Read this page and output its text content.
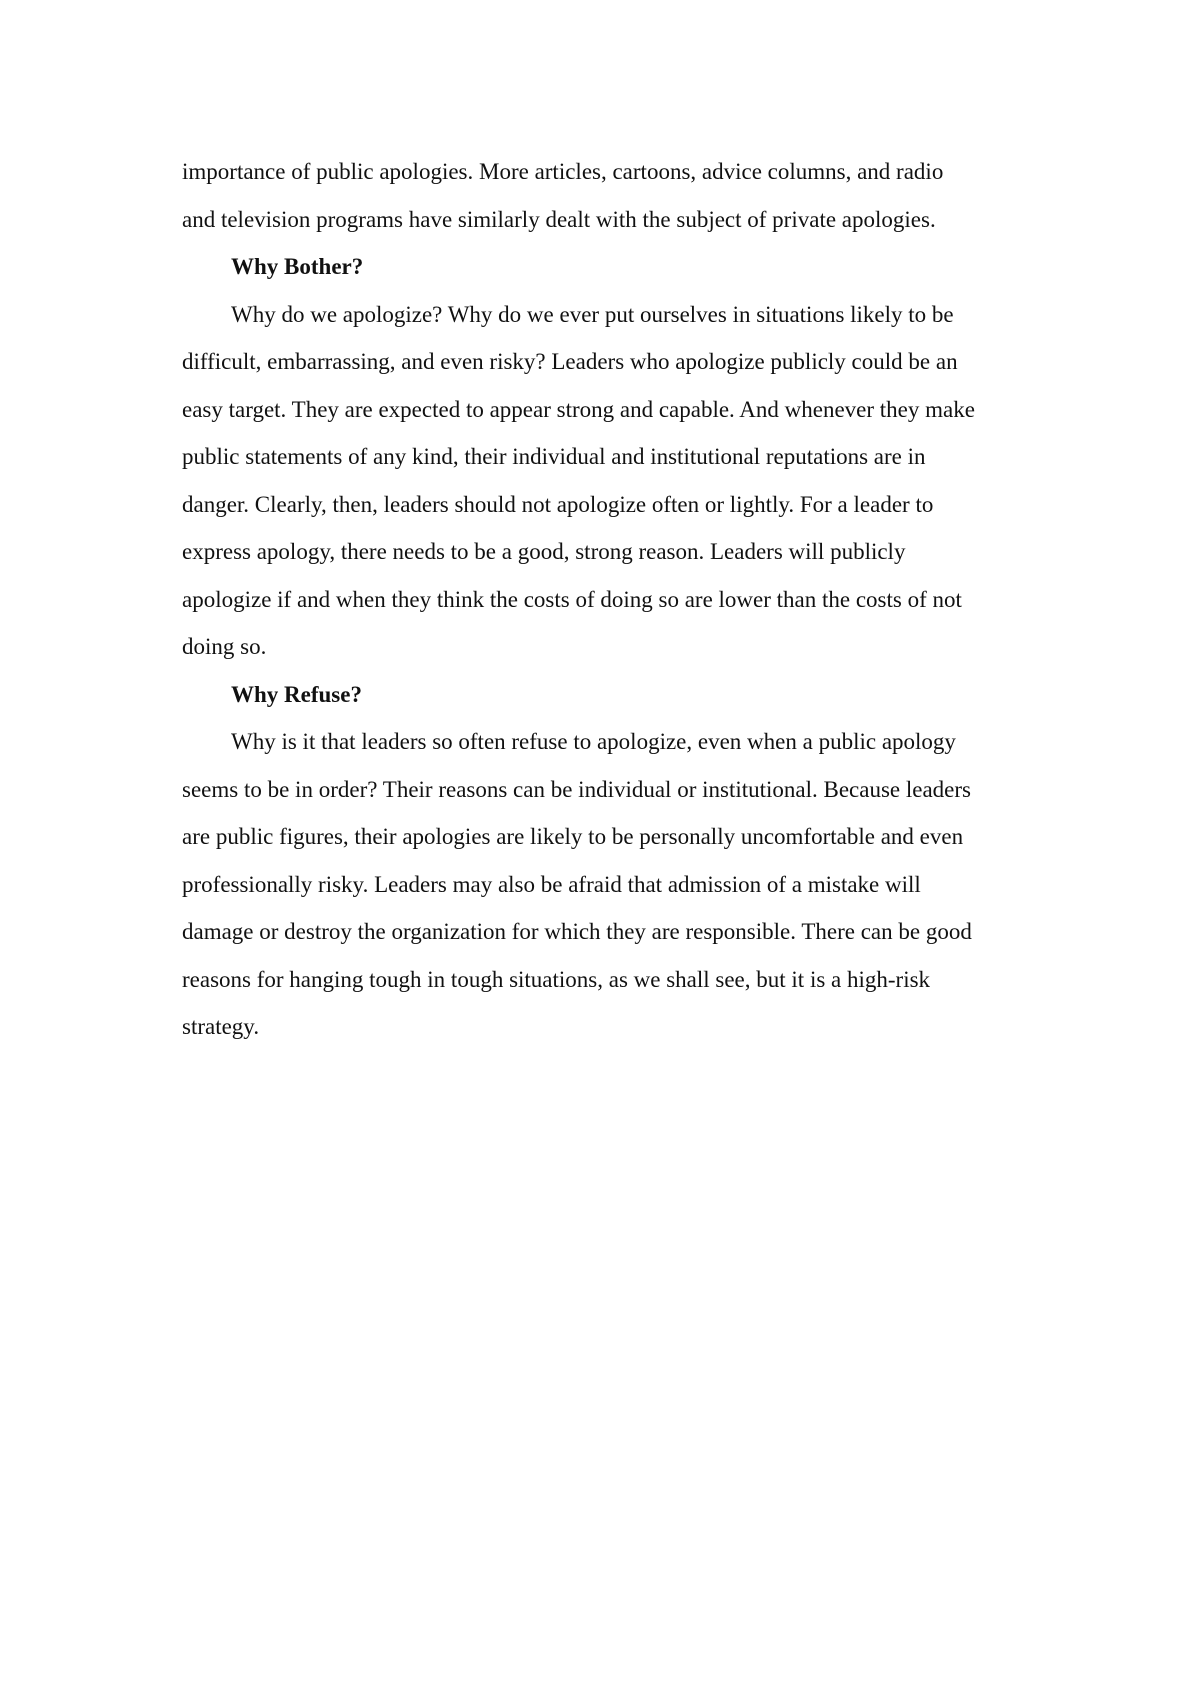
importance of public apologies. More articles, cartoons, advice columns, and radio
and television programs have similarly dealt with the subject of private apologies.

Why Bother?

Why do we apologize? Why do we ever put ourselves in situations likely to be
difficult, embarrassing, and even risky? Leaders who apologize publicly could be an
easy target. They are expected to appear strong and capable. And whenever they make
public statements of any kind, their individual and institutional reputations are in
danger. Clearly, then, leaders should not apologize often or lightly. For a leader to
express apology, there needs to be a good, strong reason. Leaders will publicly
apologize if and when they think the costs of doing so are lower than the costs of not
doing so.

Why Refuse?

Why is it that leaders so often refuse to apologize, even when a public apology
seems to be in order? Their reasons can be individual or institutional. Because leaders
are public figures, their apologies are likely to be personally uncomfortable and even
professionally risky. Leaders may also be afraid that admission of a mistake will
damage or destroy the organization for which they are responsible. There can be good
reasons for hanging tough in tough situations, as we shall see, but it is a high-risk
strategy.
